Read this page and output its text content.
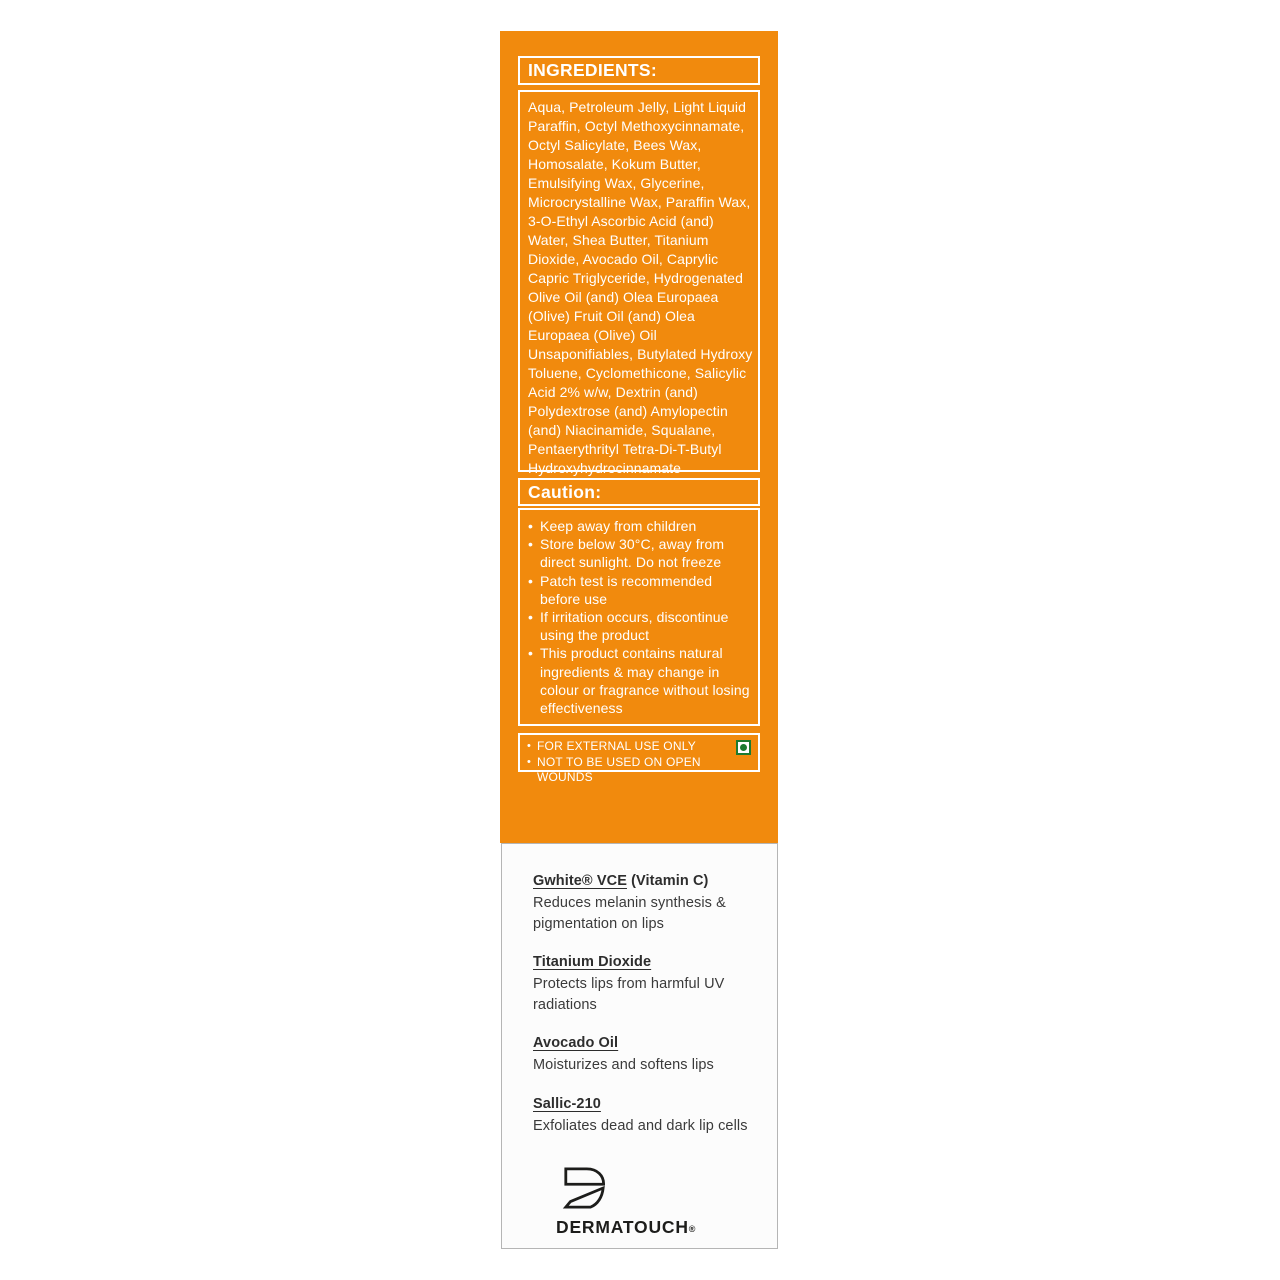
INGREDIENTS:

Aqua, Petroleum Jelly, Light Liquid Paraffin, Octyl Methoxycinnamate, Octyl Salicylate, Bees Wax, Homosalate, Kokum Butter, Emulsifying Wax, Glycerine, Microcrystalline Wax, Paraffin Wax, 3-O-Ethyl Ascorbic Acid (and) Water, Shea Butter, Titanium Dioxide, Avocado Oil, Caprylic Capric Triglyceride, Hydrogenated Olive Oil (and) Olea Europaea (Olive) Fruit Oil (and) Olea Europaea (Olive) Oil Unsaponifiables, Butylated Hydroxy Toluene, Cyclomethicone, Salicylic Acid 2% w/w, Dextrin (and) Polydextrose (and) Amylopectin (and) Niacinamide, Squalane, Pentaerythrityl Tetra-Di-T-Butyl Hydroxyhydrocinnamate

Caution:
• Keep away from children
• Store below 30°C, away from direct sunlight. Do not freeze
• Patch test is recommended before use
• If irritation occurs, discontinue using the product
• This product contains natural ingredients & may change in colour or fragrance without losing effectiveness
• FOR EXTERNAL USE ONLY
• NOT TO BE USED ON OPEN WOUNDS
Gwhite® VCE (Vitamin C)

Reduces melanin synthesis & pigmentation on lips

Titanium Dioxide

Protects lips from harmful UV radiations

Avocado Oil

Moisturizes and softens lips

Sallic-210

Exfoliates dead and dark lip cells

DERMATOUCH®
